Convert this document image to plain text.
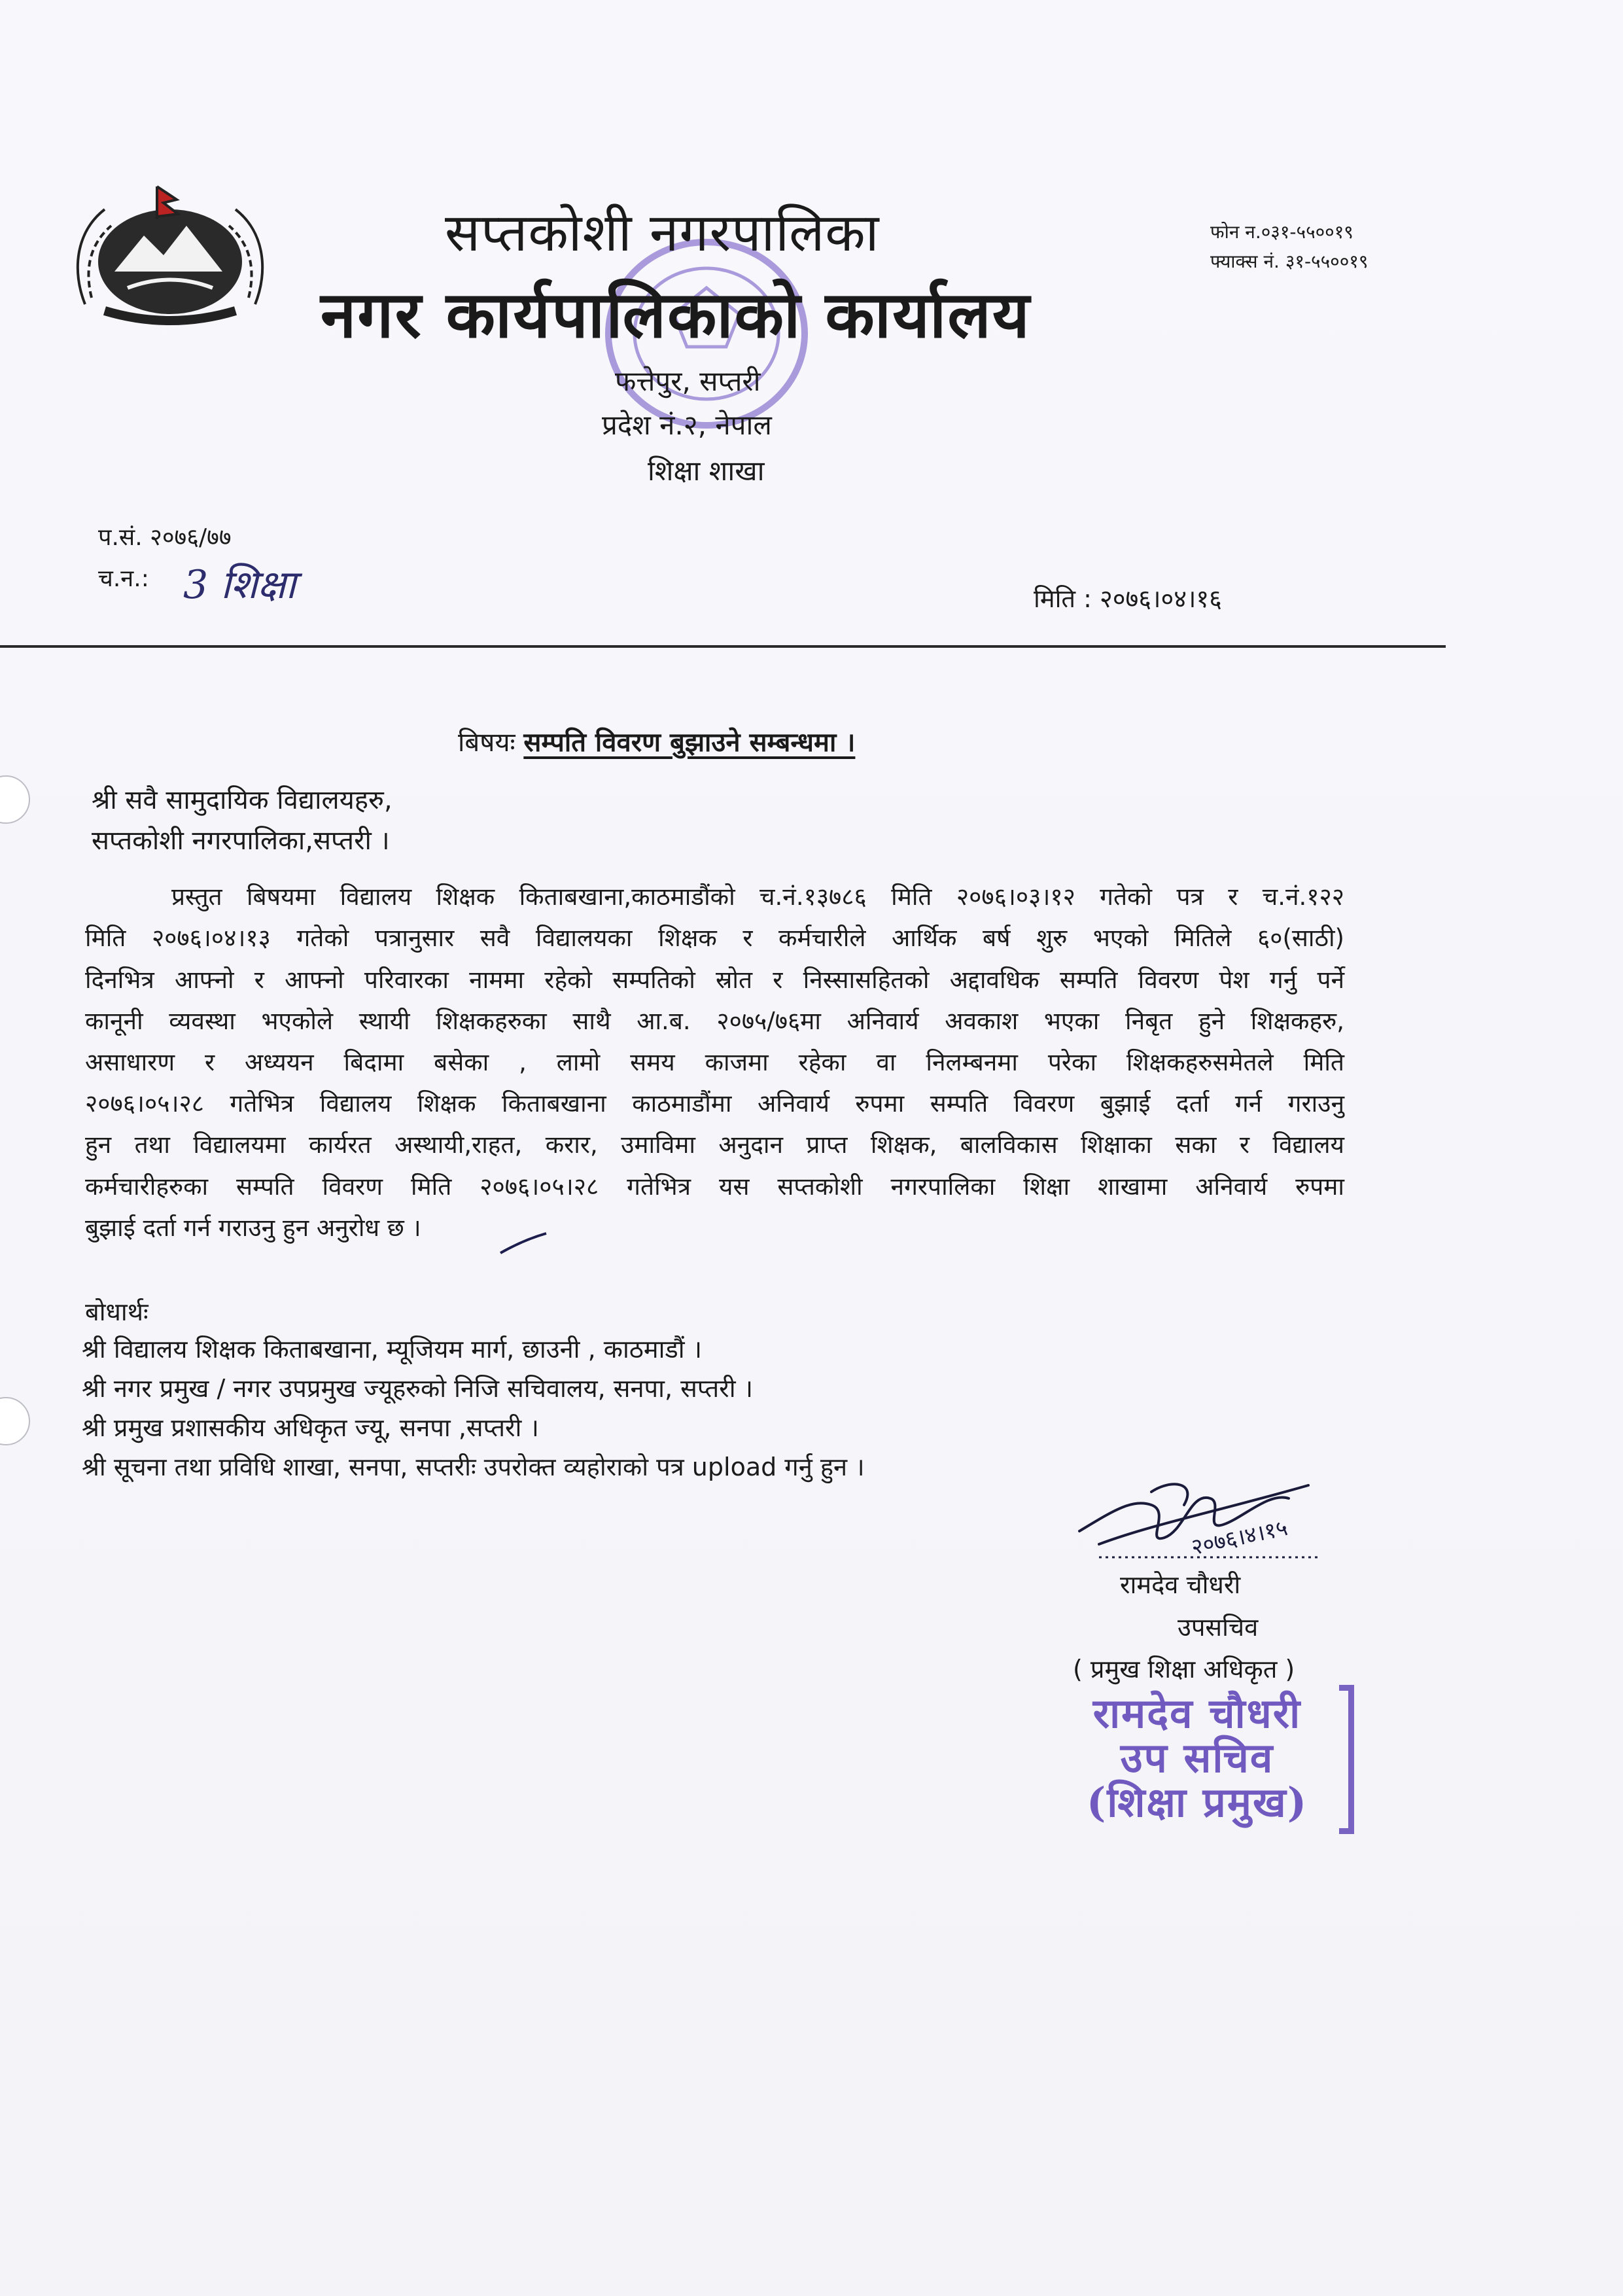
सप्तकोशी नगरपालिका
नगर कार्यपालिकाको कार्यालय
फत्तेपुर, सप्तरी
प्रदेश नं.२, नेपाल
शिक्षा शाखा
फोन न.०३१-५५००१९
फ्याक्स नं. ३१-५५००१९
प.सं. २०७६/७७
च.न.: 3 शिक्षा	मिति : २०७६।०४।१६
बिषयः सम्पति विवरण बुझाउने सम्बन्धमा ।
श्री सवै सामुदायिक विद्यालयहरु,
सप्तकोशी नगरपालिका,सप्तरी ।
प्रस्तुत बिषयमा विद्यालय शिक्षक किताबखाना,काठमाडौंको च.नं.१३७८६ मिति २०७६।०३।१२ गतेको पत्र र च.नं.१२२
मिति २०७६।०४।१३ गतेको पत्रानुसार सवै विद्यालयका शिक्षक र कर्मचारीले आर्थिक बर्ष शुरु भएको मितिले ६०(साठी)
दिनभित्र आफ्नो र आफ्नो परिवारका नाममा रहेको सम्पतिको स्रोत र निस्सासहितको अद्दावधिक सम्पति विवरण पेश गर्नु पर्ने
कानूनी व्यवस्था भएकोले स्थायी शिक्षकहरुका साथै आ.ब. २०७५/७६मा अनिवार्य अवकाश भएका निबृत हुने शिक्षकहरु,
असाधारण र अध्ययन बिदामा बसेका , लामो समय काजमा रहेका वा निलम्बनमा परेका शिक्षकहरुसमेतले मिति
२०७६।०५।२८ गतेभित्र विद्यालय शिक्षक किताबखाना काठमाडौंमा अनिवार्य रुपमा सम्पति विवरण बुझाई दर्ता गर्न गराउनु
हुन तथा विद्यालयमा कार्यरत अस्थायी,राहत, करार, उमाविमा अनुदान प्राप्त शिक्षक, बालविकास शिक्षाका सका र विद्यालय
कर्मचारीहरुका सम्पति विवरण मिति २०७६।०५।२८ गतेभित्र यस सप्तकोशी नगरपालिका शिक्षा शाखामा अनिवार्य रुपमा
बुझाई दर्ता गर्न गराउनु हुन अनुरोध छ ।
बोधार्थः
श्री विद्यालय शिक्षक किताबखाना, म्यूजियम मार्ग, छाउनी , काठमाडौं ।
श्री नगर प्रमुख / नगर उपप्रमुख ज्यूहरुको निजि सचिवालय, सनपा, सप्तरी ।
श्री प्रमुख प्रशासकीय अधिकृत ज्यू, सनपा ,सप्तरी ।
श्री सूचना तथा प्रविधि शाखा, सनपा, सप्तरीः उपरोक्त व्यहोराको पत्र upload गर्नु हुन ।
२०७६।४।१५
रामदेव चौधरी
उपसचिव
( प्रमुख शिक्षा अधिकृत )
रामदेव चौधरी
उप सचिव
(शिक्षा प्रमुख)
